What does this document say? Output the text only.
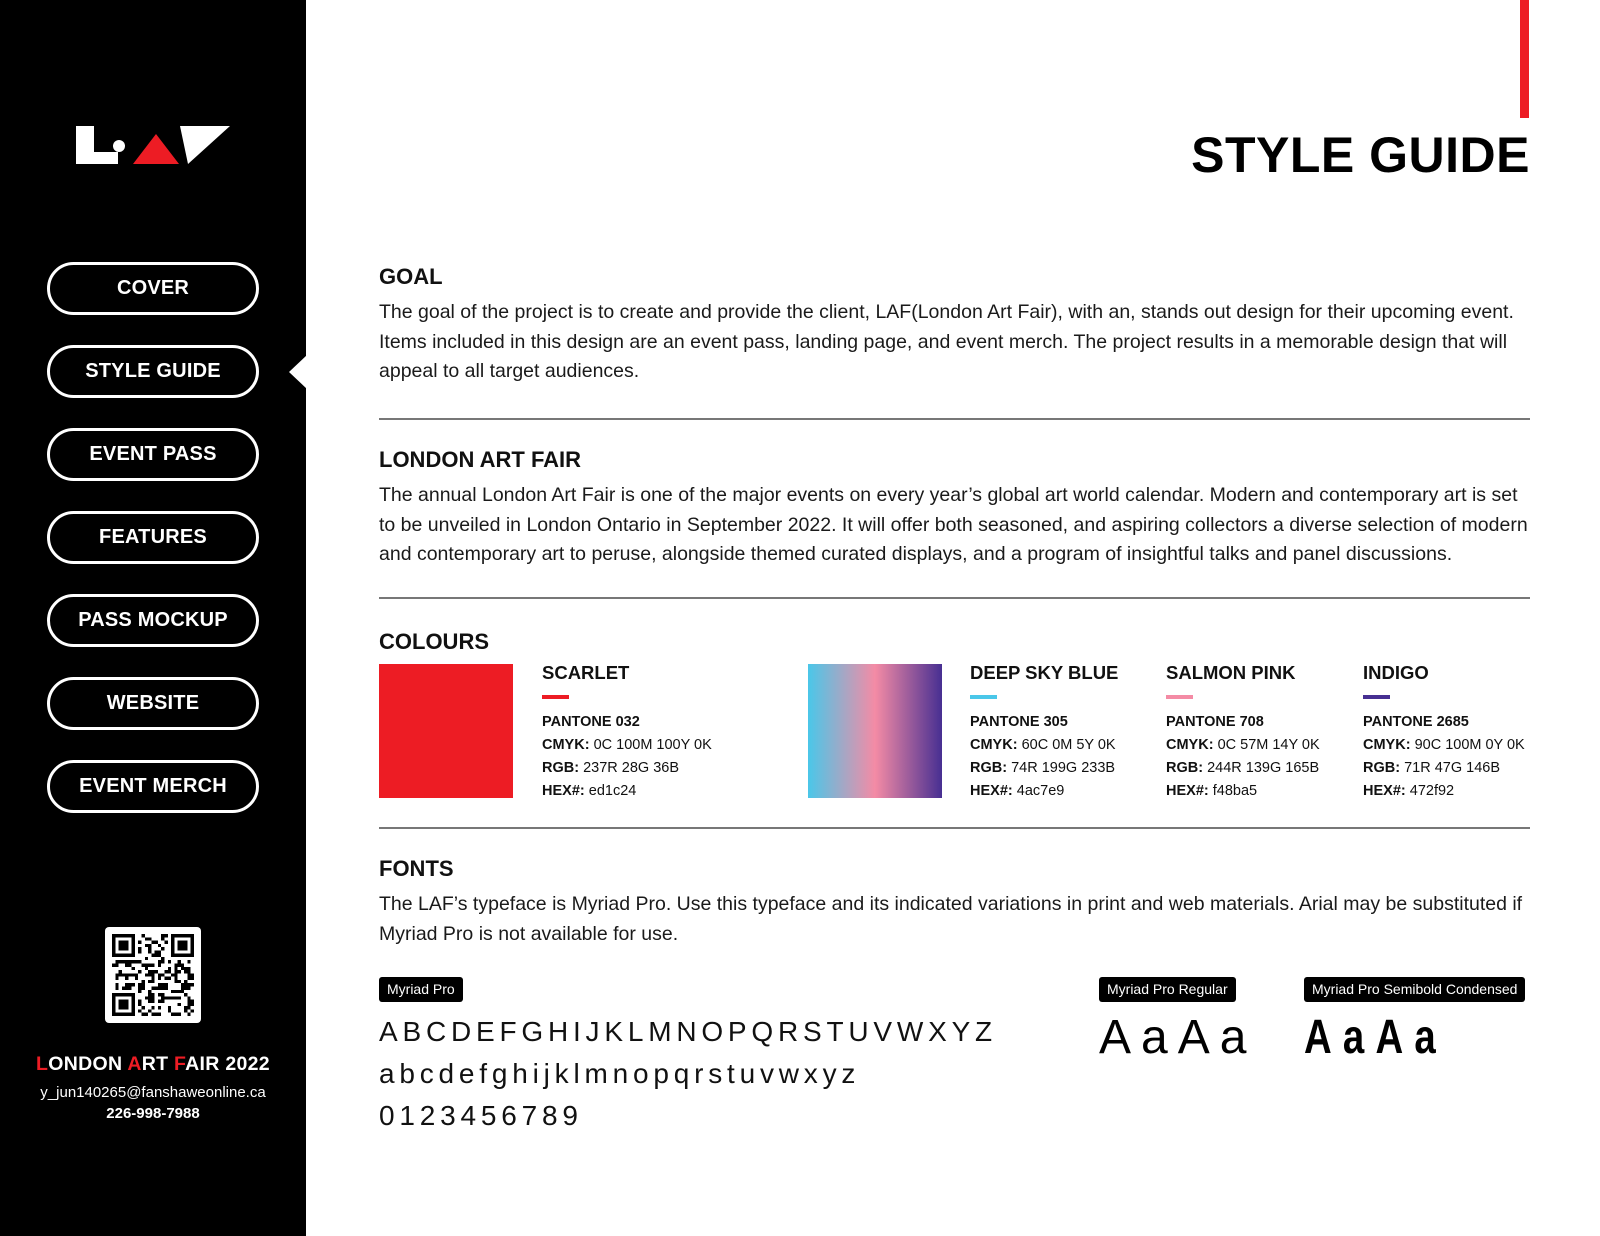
COVER
STYLE GUIDE
EVENT PASS
FEATURES
PASS MOCKUP
WEBSITE
EVENT MERCH
LONDON ART FAIR 2022
y_jun140265@fanshaweonline.ca
226-998-7988
STYLE GUIDE
GOAL
The goal of the project is to create and provide the client, LAF(London Art Fair), with an, stands out design for their upcoming event. Items included in this design are an event pass, landing page, and event merch. The project results in a memorable design that will appeal to all target audiences.
LONDON ART FAIR
The annual London Art Fair is one of the major events on every year’s global art world calendar. Modern and contemporary art is set to be unveiled in London Ontario in September 2022. It will offer both seasoned, and aspiring collectors a diverse selection of modern and contemporary art to peruse, alongside themed curated displays, and a program of insightful talks and panel discussions.
COLOURS
SCARLET
PANTONE 032
CMYK: 0C 100M 100Y 0K
RGB: 237R 28G 36B
HEX#: ed1c24
DEEP SKY BLUE
PANTONE 305
CMYK: 60C 0M 5Y 0K
RGB: 74R 199G 233B
HEX#: 4ac7e9
SALMON PINK
PANTONE 708
CMYK: 0C 57M 14Y 0K
RGB: 244R 139G 165B
HEX#: f48ba5
INDIGO
PANTONE 2685
CMYK: 90C 100M 0Y 0K
RGB: 71R 47G 146B
HEX#: 472f92
FONTS
The LAF’s typeface is Myriad Pro. Use this typeface and its indicated variations in print and web materials. Arial may be substituted if Myriad Pro is not available for use.
Myriad Pro	Myriad Pro Regular	Myriad Pro Semibold Condensed
ABCDEFGHIJKLMNOPQRSTUVWXYZ
abcdefghijklmnopqrstuvwxyz
0123456789
AaAa AaAa
